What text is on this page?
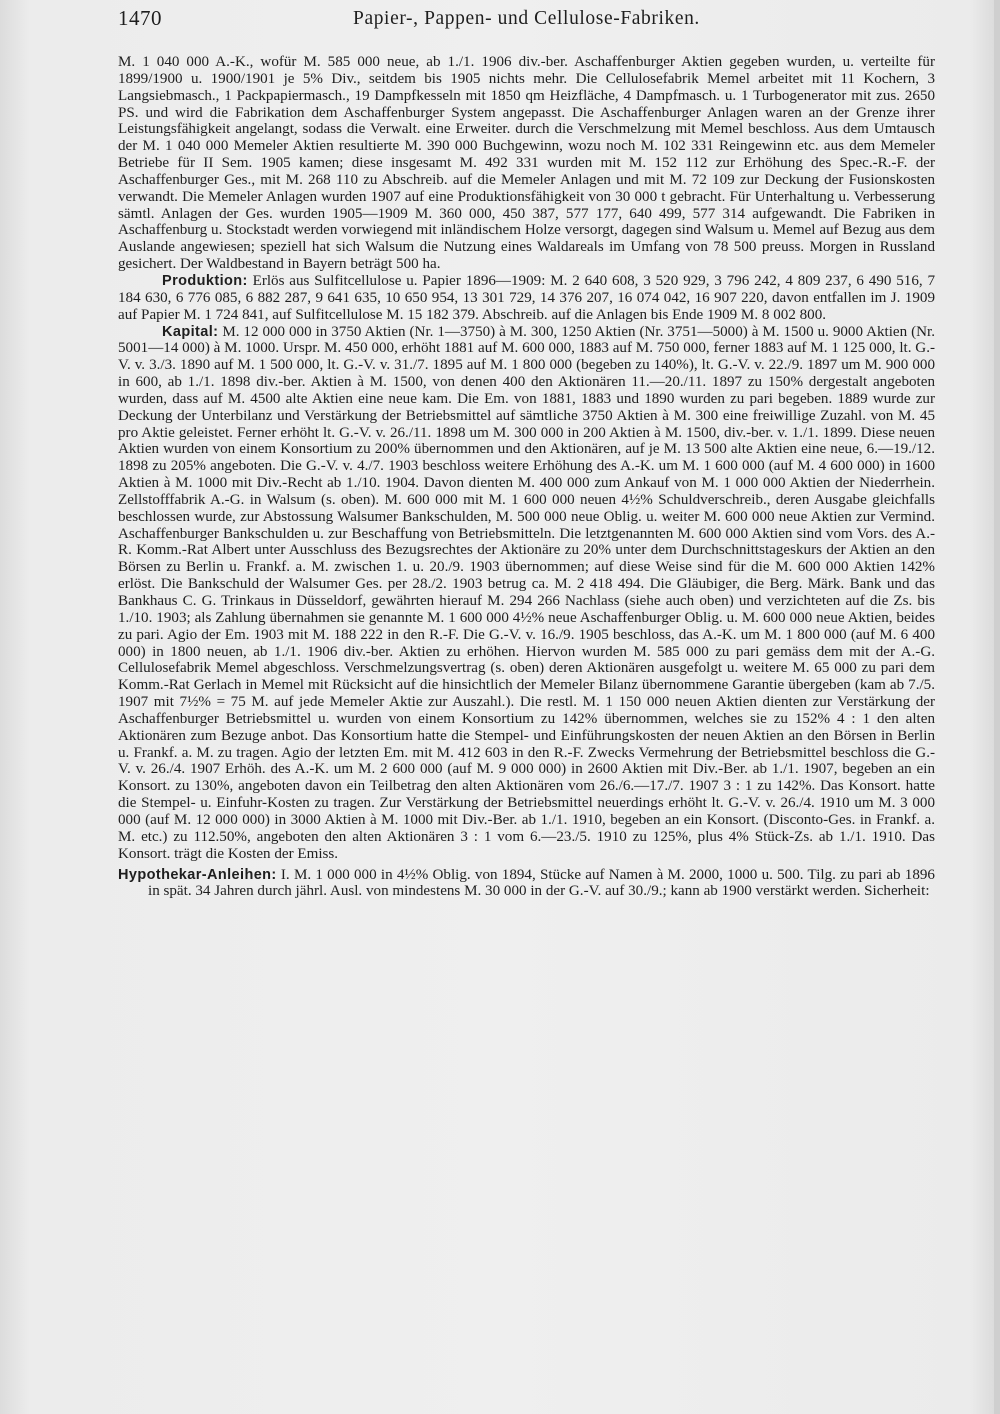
1470	Papier-, Pappen- und Cellulose-Fabriken.

M. 1 040 000 A.-K., wofür M. 585 000 neue, ab 1./1. 1906 div.-ber. Aschaffenburger Aktien gegeben wurden, u. verteilte für 1899/1900 u. 1900/1901 je 5% Div., seitdem bis 1905 nichts mehr. Die Cellulosefabrik Memel arbeitet mit 11 Kochern, 3 Langsiebmasch., 1 Packpapiermasch., 19 Dampfkesseln mit 1850 qm Heizfläche, 4 Dampfmasch. u. 1 Turbogenerator mit zus. 2650 PS. und wird die Fabrikation dem Aschaffenburger System angepasst. Die Aschaffenburger Anlagen waren an der Grenze ihrer Leistungsfähigkeit angelangt, sodass die Verwalt. eine Erweiter. durch die Verschmelzung mit Memel beschloss. Aus dem Umtausch der M. 1 040 000 Memeler Aktien resultierte M. 390 000 Buchgewinn, wozu noch M. 102 331 Reingewinn etc. aus dem Memeler Betriebe für II Sem. 1905 kamen; diese insgesamt M. 492 331 wurden mit M. 152 112 zur Erhöhung des Spec.-R.-F. der Aschaffenburger Ges., mit M. 268 110 zu Abschreib. auf die Memeler Anlagen und mit M. 72 109 zur Deckung der Fusionskosten verwandt. Die Memeler Anlagen wurden 1907 auf eine Produktionsfähigkeit von 30 000 t gebracht. Für Unterhaltung u. Verbesserung sämtl. Anlagen der Ges. wurden 1905—1909 M. 360 000, 450 387, 577 177, 640 499, 577 314 aufgewandt. Die Fabriken in Aschaffenburg u. Stockstadt werden vorwiegend mit inländischem Holze versorgt, dagegen sind Walsum u. Memel auf Bezug aus dem Auslande angewiesen; speziell hat sich Walsum die Nutzung eines Waldareals im Umfang von 78 500 preuss. Morgen in Russland gesichert. Der Waldbestand in Bayern beträgt 500 ha.

Produktion: Erlös aus Sulfitcellulose u. Papier 1896—1909: M. 2 640 608, 3 520 929, 3 796 242, 4 809 237, 6 490 516, 7 184 630, 6 776 085, 6 882 287, 9 641 635, 10 650 954, 13 301 729, 14 376 207, 16 074 042, 16 907 220, davon entfallen im J. 1909 auf Papier M. 1 724 841, auf Sulfitcellulose M. 15 182 379. Abschreib. auf die Anlagen bis Ende 1909 M. 8 002 800.

Kapital: M. 12 000 000 in 3750 Aktien (Nr. 1—3750) à M. 300, 1250 Aktien (Nr. 3751—5000) à M. 1500 u. 9000 Aktien (Nr. 5001—14 000) à M. 1000. Urspr. M. 450 000, erhöht 1881 auf M. 600 000, 1883 auf M. 750 000, ferner 1883 auf M. 1 125 000, lt. G.-V. v. 3./3. 1890 auf M. 1 500 000, lt. G.-V. v. 31./7. 1895 auf M. 1 800 000 (begeben zu 140%), lt. G.-V. v. 22./9. 1897 um M. 900 000 in 600, ab 1./1. 1898 div.-ber. Aktien à M. 1500, von denen 400 den Aktionären 11.—20./11. 1897 zu 150% dergestalt angeboten wurden, dass auf M. 4500 alte Aktien eine neue kam. Die Em. von 1881, 1883 und 1890 wurden zu pari begeben. 1889 wurde zur Deckung der Unterbilanz und Verstärkung der Betriebsmittel auf sämtliche 3750 Aktien à M. 300 eine freiwillige Zuzahl. von M. 45 pro Aktie geleistet. Ferner erhöht lt. G.-V. v. 26./11. 1898 um M. 300 000 in 200 Aktien à M. 1500, div.-ber. v. 1./1. 1899. Diese neuen Aktien wurden von einem Konsortium zu 200% übernommen und den Aktionären, auf je M. 13 500 alte Aktien eine neue, 6.—19./12. 1898 zu 205% angeboten. Die G.-V. v. 4./7. 1903 beschloss weitere Erhöhung des A.-K. um M. 1 600 000 (auf M. 4 600 000) in 1600 Aktien à M. 1000 mit Div.-Recht ab 1./10. 1904. Davon dienten M. 400 000 zum Ankauf von M. 1 000 000 Aktien der Niederrhein. Zellstofffabrik A.-G. in Walsum (s. oben). M. 600 000 mit M. 1 600 000 neuen 4½% Schuldverschreib., deren Ausgabe gleichfalls beschlossen wurde, zur Abstossung Walsumer Bankschulden, M. 500 000 neue Oblig. u. weiter M. 600 000 neue Aktien zur Vermind. Aschaffenburger Bankschulden u. zur Beschaffung von Betriebsmitteln. Die letztgenannten M. 600 000 Aktien sind vom Vors. des A.-R. Komm.-Rat Albert unter Ausschluss des Bezugsrechtes der Aktionäre zu 20% unter dem Durchschnittstageskurs der Aktien an den Börsen zu Berlin u. Frankf. a. M. zwischen 1. u. 20./9. 1903 übernommen; auf diese Weise sind für die M. 600 000 Aktien 142% erlöst. Die Bankschuld der Walsumer Ges. per 28./2. 1903 betrug ca. M. 2 418 494. Die Gläubiger, die Berg. Märk. Bank und das Bankhaus C. G. Trinkaus in Düsseldorf, gewährten hierauf M. 294 266 Nachlass (siehe auch oben) und verzichteten auf die Zs. bis 1./10. 1903; als Zahlung übernahmen sie genannte M. 1 600 000 4½% neue Aschaffenburger Oblig. u. M. 600 000 neue Aktien, beides zu pari. Agio der Em. 1903 mit M. 188 222 in den R.-F. Die G.-V. v. 16./9. 1905 beschloss, das A.-K. um M. 1 800 000 (auf M. 6 400 000) in 1800 neuen, ab 1./1. 1906 div.-ber. Aktien zu erhöhen. Hiervon wurden M. 585 000 zu pari gemäss dem mit der A.-G. Cellulosefabrik Memel abgeschloss. Verschmelzungsvertrag (s. oben) deren Aktionären ausgefolgt u. weitere M. 65 000 zu pari dem Komm.-Rat Gerlach in Memel mit Rücksicht auf die hinsichtlich der Memeler Bilanz übernommene Garantie übergeben (kam ab 7./5. 1907 mit 7½% = 75 M. auf jede Memeler Aktie zur Auszahl.). Die restl. M. 1 150 000 neuen Aktien dienten zur Verstärkung der Aschaffenburger Betriebsmittel u. wurden von einem Konsortium zu 142% übernommen, welches sie zu 152% 4 : 1 den alten Aktionären zum Bezuge anbot. Das Konsortium hatte die Stempel- und Einführungskosten der neuen Aktien an den Börsen in Berlin u. Frankf. a. M. zu tragen. Agio der letzten Em. mit M. 412 603 in den R.-F. Zwecks Vermehrung der Betriebsmittel beschloss die G.-V. v. 26./4. 1907 Erhöh. des A.-K. um M. 2 600 000 (auf M. 9 000 000) in 2600 Aktien mit Div.-Ber. ab 1./1. 1907, begeben an ein Konsort. zu 130%, angeboten davon ein Teilbetrag den alten Aktionären vom 26./6.—17./7. 1907 3 : 1 zu 142%. Das Konsort. hatte die Stempel- u. Einfuhr-Kosten zu tragen. Zur Verstärkung der Betriebsmittel neuerdings erhöht lt. G.-V. v. 26./4. 1910 um M. 3 000 000 (auf M. 12 000 000) in 3000 Aktien à M. 1000 mit Div.-Ber. ab 1./1. 1910, begeben an ein Konsort. (Disconto-Ges. in Frankf. a. M. etc.) zu 112.50%, angeboten den alten Aktionären 3 : 1 vom 6.—23./5. 1910 zu 125%, plus 4% Stück-Zs. ab 1./1. 1910. Das Konsort. trägt die Kosten der Emiss.

Hypothekar-Anleihen: I. M. 1 000 000 in 4½% Oblig. von 1894, Stücke auf Namen à M. 2000, 1000 u. 500. Tilg. zu pari ab 1896 in spät. 34 Jahren durch jährl. Ausl. von mindestens M. 30 000 in der G.-V. auf 30./9.; kann ab 1900 verstärkt werden. Sicherheit:
